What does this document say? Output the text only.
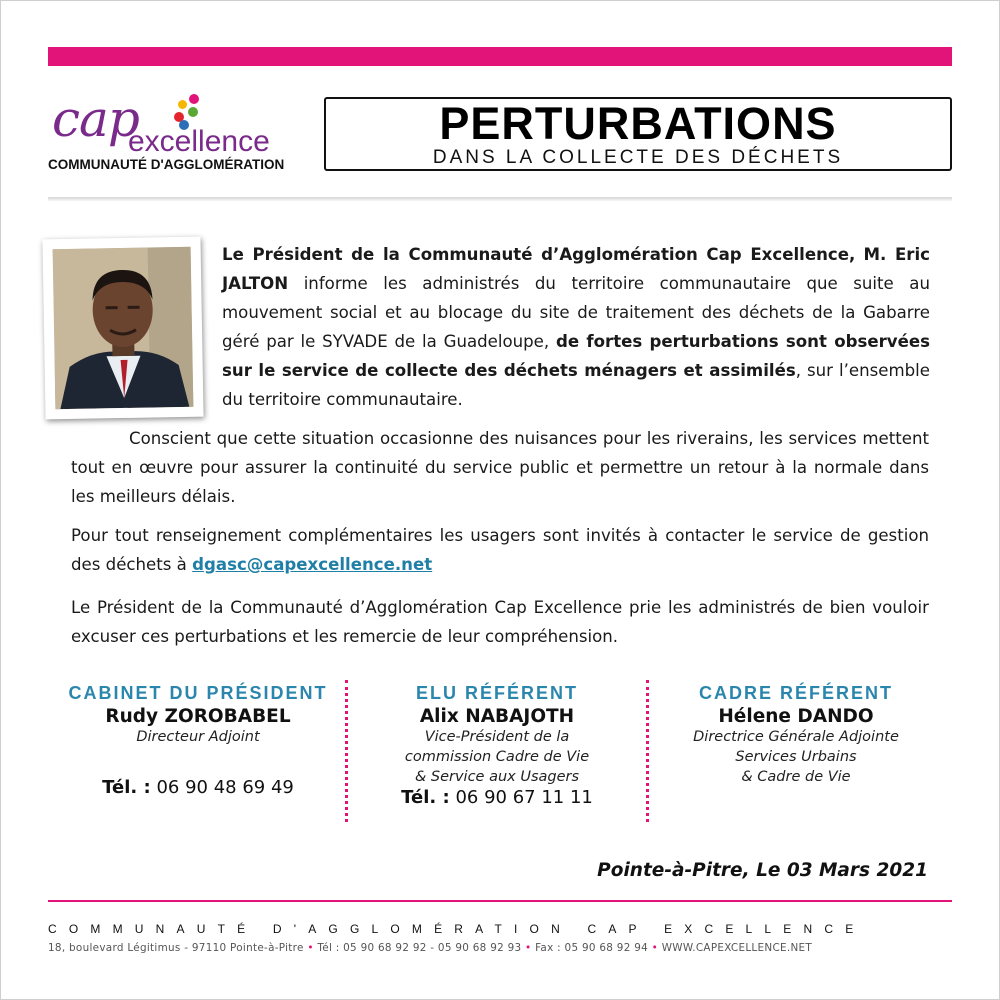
cap
excellence
COMMUNAUTÉ D'AGGLOMÉRATION
PERTURBATIONS
DANS LA COLLECTE DES DÉCHETS
Le Président de la Communauté d’Agglomération Cap Excellence, M. Eric JALTON informe les administrés du territoire communautaire que suite au mouvement social et au blocage du site de traitement des déchets de la Gabarre géré par le SYVADE de la Guadeloupe, de fortes perturbations sont observées sur le service de collecte des déchets ménagers et assimilés, sur l’ensemble du territoire communautaire.
Conscient que cette situation occasionne des nuisances pour les riverains, les services mettent tout en œuvre pour assurer la continuité du service public et permettre un retour à la normale dans les meilleurs délais.
Pour tout renseignement complémentaires les usagers sont invités à contacter le service de gestion des déchets à dgasc@capexcellence.net
Le Président de la Communauté d’Agglomération Cap Excellence prie les administrés de bien vouloir excuser ces perturbations et les remercie de leur compréhension.
CABINET DU PRÉSIDENT
Rudy ZOROBABEL
Directeur Adjoint
Tél. : 06 90 48 69 49
ELU RÉFÉRENT
Alix NABAJOTH
Vice-Président de la
commission Cadre de Vie
& Service aux Usagers
Tél. : 06 90 67 11 11
CADRE RÉFÉRENT
Hélene DANDO
Directrice Générale Adjointe
Services Urbains
& Cadre de Vie
Pointe-à-Pitre, Le 03 Mars 2021
COMMUNAUTÉ D'AGGLOMÉRATION CAP EXCELLENCE
18, boulevard Légitimus - 97110 Pointe-à-Pitre • Tél : 05 90 68 92 92 - 05 90 68 92 93 • Fax : 05 90 68 92 94 • WWW.CAPEXCELLENCE.NET
